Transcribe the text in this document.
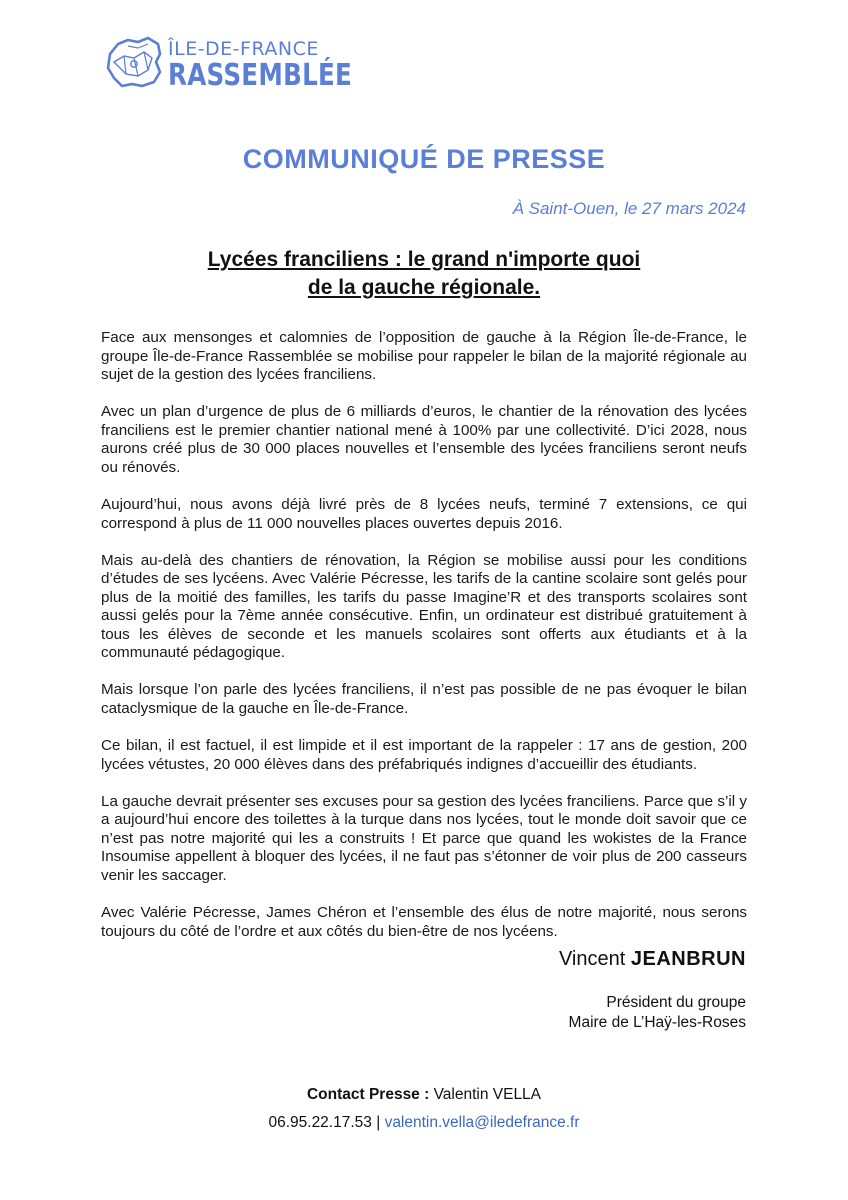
ÎLE-DE-FRANCE
RASSEMBLÉE
COMMUNIQUÉ DE PRESSE
À Saint-Ouen, le 27 mars 2024
Lycées franciliens : le grand n'importe quoi
de la gauche régionale.

Face aux mensonges et calomnies de l’opposition de gauche à la Région Île-de-France, le groupe Île-de-France Rassemblée se mobilise pour rappeler le bilan de la majorité régionale au sujet de la gestion des lycées franciliens.

Avec un plan d’urgence de plus de 6 milliards d’euros, le chantier de la rénovation des lycées franciliens est le premier chantier national mené à 100% par une collectivité. D’ici 2028, nous aurons créé plus de 30 000 places nouvelles et l’ensemble des lycées franciliens seront neufs ou rénovés.

Aujourd’hui, nous avons déjà livré près de 8 lycées neufs, terminé 7 extensions, ce qui correspond à plus de 11 000 nouvelles places ouvertes depuis 2016.

Mais au-delà des chantiers de rénovation, la Région se mobilise aussi pour les conditions d’études de ses lycéens. Avec Valérie Pécresse, les tarifs de la cantine scolaire sont gelés pour plus de la moitié des familles, les tarifs du passe Imagine’R et des transports scolaires sont aussi gelés pour la 7ème année consécutive. Enfin, un ordinateur est distribué gratuitement à tous les élèves de seconde et les manuels scolaires sont offerts aux étudiants et à la communauté pédagogique.

Mais lorsque l’on parle des lycées franciliens, il n’est pas possible de ne pas évoquer le bilan cataclysmique de la gauche en Île-de-France.

Ce bilan, il est factuel, il est limpide et il est important de la rappeler : 17 ans de gestion, 200 lycées vétustes, 20 000 élèves dans des préfabriqués indignes d’accueillir des étudiants.

La gauche devrait présenter ses excuses pour sa gestion des lycées franciliens. Parce que s’il y a aujourd’hui encore des toilettes à la turque dans nos lycées, tout le monde doit savoir que ce n’est pas notre majorité qui les a construits ! Et parce que quand les wokistes de la France Insoumise appellent à bloquer des lycées, il ne faut pas s’étonner de voir plus de 200 casseurs venir les saccager.

Avec Valérie Pécresse, James Chéron et l’ensemble des élus de notre majorité, nous serons toujours du côté de l’ordre et aux côtés du bien-être de nos lycéens.

Vincent JEANBRUN
Président du groupe
Maire de L’Haÿ-les-Roses
Contact Presse : Valentin VELLA
06.95.22.17.53 | valentin.vella@iledefrance.fr
